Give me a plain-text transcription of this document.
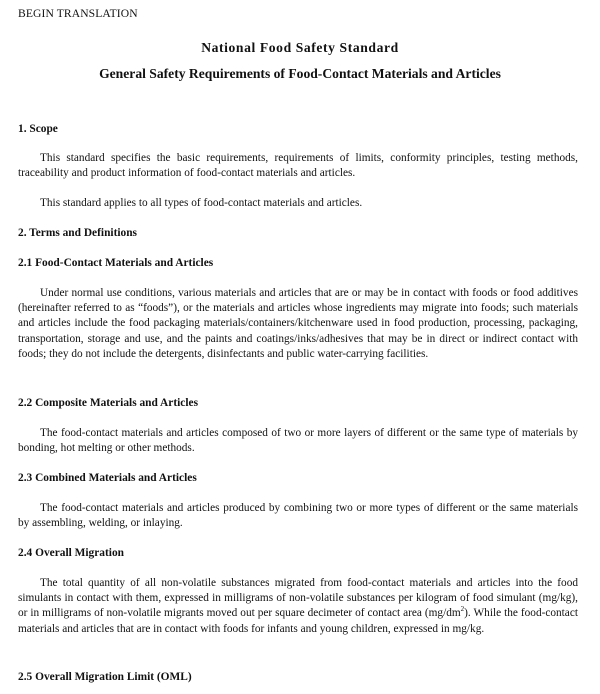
BEGIN TRANSLATION
National Food Safety Standard
General Safety Requirements of Food-Contact Materials and Articles
1. Scope
This standard specifies the basic requirements, requirements of limits, conformity principles, testing methods, traceability and product information of food-contact materials and articles.
This standard applies to all types of food-contact materials and articles.
2. Terms and Definitions
2.1 Food-Contact Materials and Articles
Under normal use conditions, various materials and articles that are or may be in contact with foods or food additives (hereinafter referred to as “foods”), or the materials and articles whose ingredients may migrate into foods; such materials and articles include the food packaging materials/containers/kitchenware used in food production, processing, packaging, transportation, storage and use, and the paints and coatings/inks/adhesives that may be in direct or indirect contact with foods; they do not include the detergents, disinfectants and public water-carrying facilities.
2.2 Composite Materials and Articles
The food-contact materials and articles composed of two or more layers of different or the same type of materials by bonding, hot melting or other methods.
2.3 Combined Materials and Articles
The food-contact materials and articles produced by combining two or more types of different or the same materials by assembling, welding, or inlaying.
2.4 Overall Migration
The total quantity of all non-volatile substances migrated from food-contact materials and articles into the food simulants in contact with them, expressed in milligrams of non-volatile substances per kilogram of food simulant (mg/kg), or in milligrams of non-volatile migrants moved out per square decimeter of contact area $(mg/dm^2)$. While the food-contact materials and articles that are in contact with foods for infants and young children, expressed in mg/kg.
2.5 Overall Migration Limit (OML)
